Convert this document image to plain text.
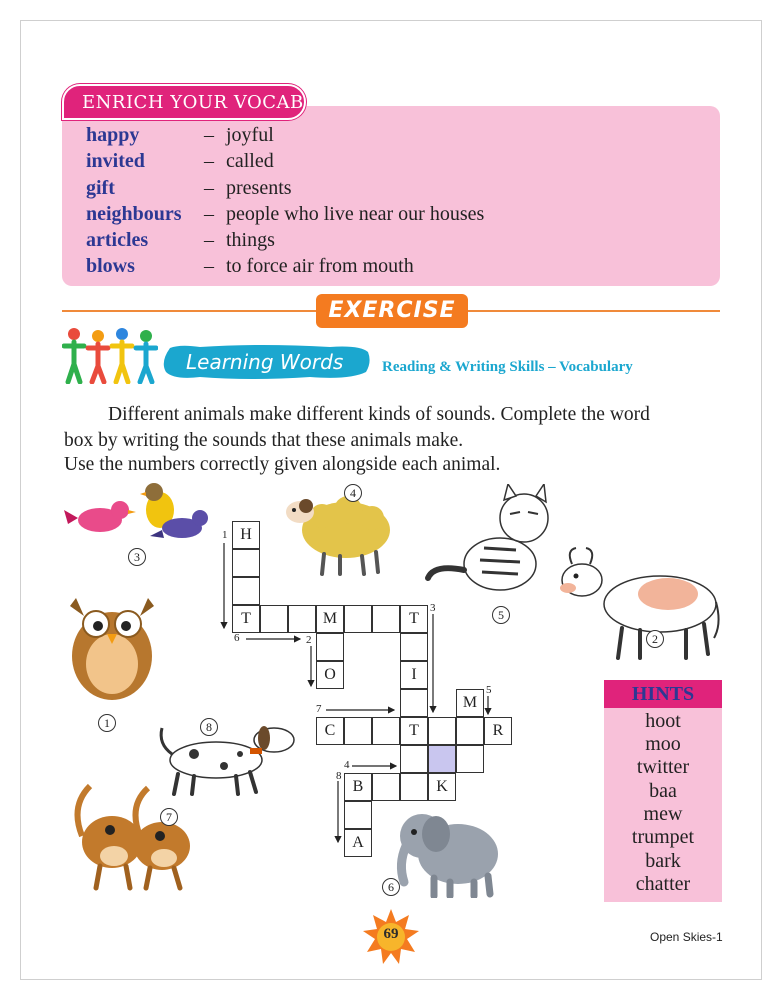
ENRICH YOUR VOCAB
happy	– joyful
invited	– called
gift	– presents
neighbours – people who live near our houses
articles	– things
blows	– to force air from mouth
EXERCISE
Learning Words	Reading & Writing Skills – Vocabulary
Different animals make different kinds of sounds. Complete the word
box by writing the sounds that these animals make.
Use the numbers correctly given alongside each animal.
H
T	M	T
O	I
M
C	T	R
B	K
A
1
2
3
4
5
6
7
8
3
1	8
7
4
5
2
6
HINTS
hoot
moo
twitter
baa
mew
trumpet
bark
chatter
69	Open Skies-1
